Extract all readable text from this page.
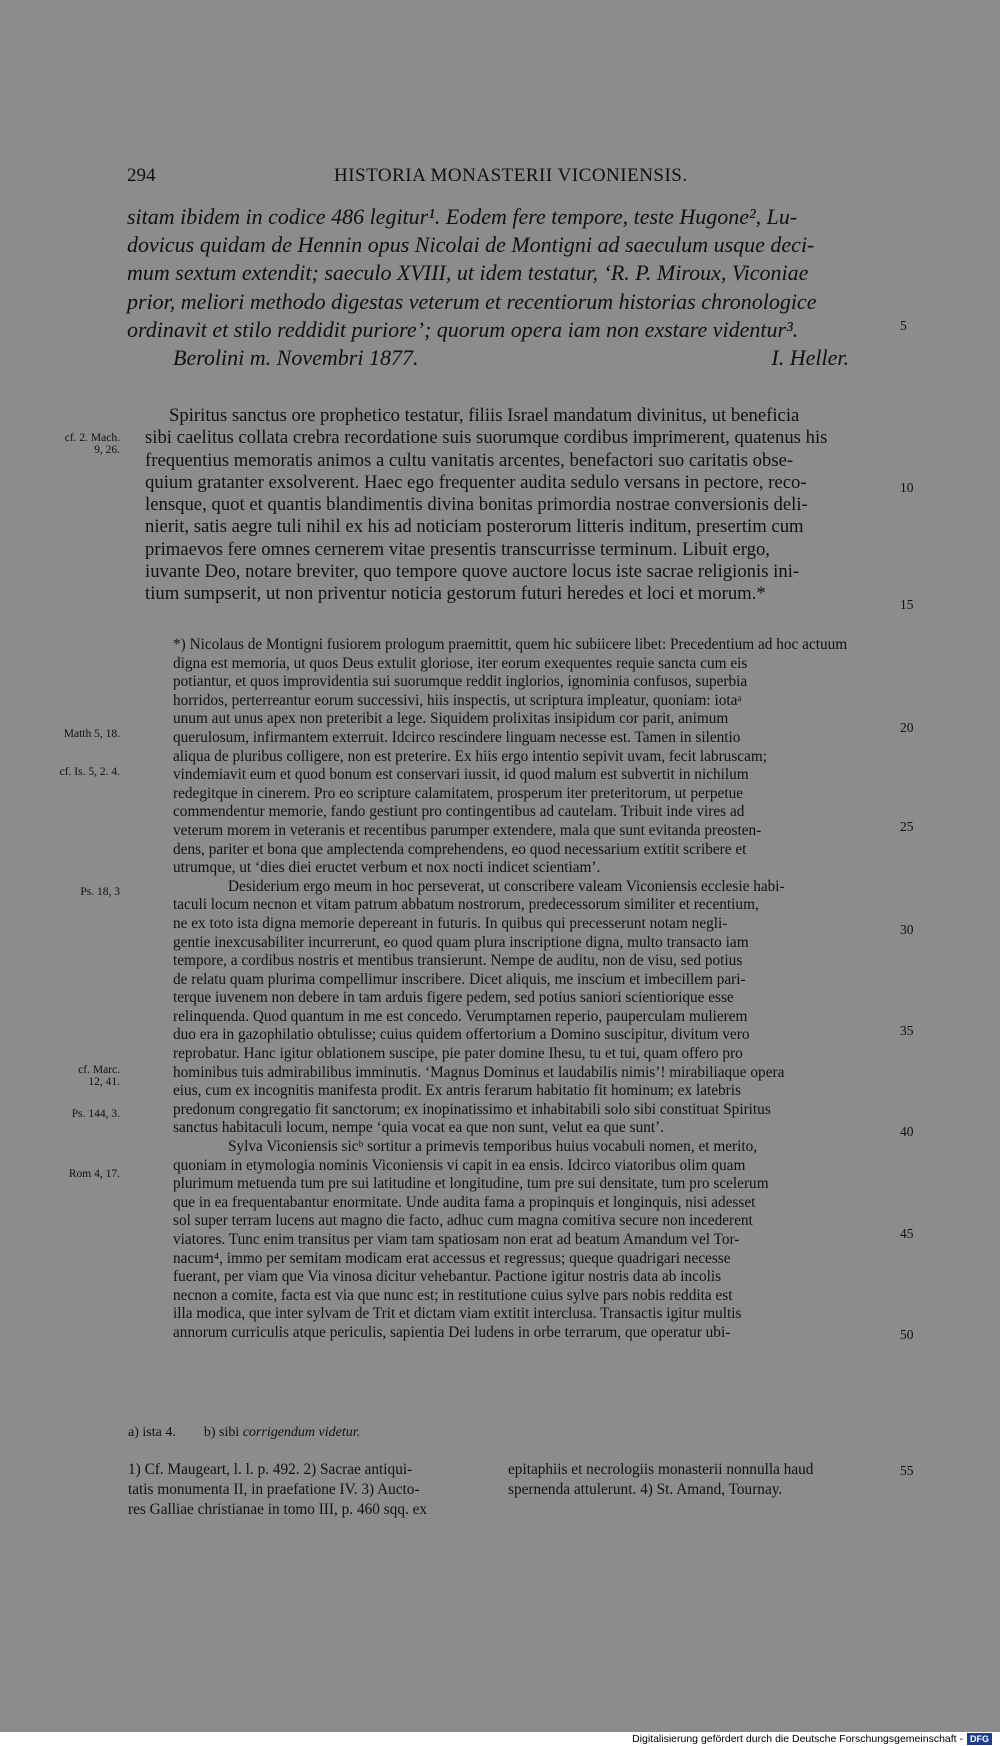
294	HISTORIA MONASTERII VICONIENSIS.
sitam ibidem in codice 486 legitur¹. Eodem fere tempore, teste Hugone², Lu-
dovicus quidam de Hennin opus Nicolai de Montigni ad saeculum usque deci-
mum sextum extendit; saeculo XVIII, ut idem testatur, ‘R. P. Miroux, Viconiae
prior, meliori methodo digestas veterum et recentiorum historias chronologice
ordinavit et stilo reddidit puriore’; quorum opera iam non exstare videntur³.
Berolini m. Novembri 1877.	I. Heller.
Spiritus sanctus ore prophetico testatur, filiis Israel mandatum divinitus, ut beneficia
sibi caelitus collata crebra recordatione suis suorumque cordibus imprimerent, quatenus his
frequentius memoratis animos a cultu vanitatis arcentes, benefactori suo caritatis obse-
quium gratanter exsolverent. Haec ego frequenter audita sedulo versans in pectore, reco-
lensque, quot et quantis blandimentis divina bonitas primordia nostrae conversionis deli-
nierit, satis aegre tuli nihil ex his ad noticiam posterorum litteris inditum, presertim cum
primaevos fere omnes cernerem vitae presentis transcurrisse terminum. Libuit ergo,
iuvante Deo, notare breviter, quo tempore quove auctore locus iste sacrae religionis ini-
tium sumpserit, ut non priventur noticia gestorum futuri heredes et loci et morum.*
*) Nicolaus de Montigni fusiorem prologum praemittit, quem hic subiicere libet: Precedentium ad hoc actuum
digna est memoria, ut quos Deus extulit gloriose, iter eorum exequentes requie sancta cum eis
potiantur, et quos improvidentia sui suorumque reddit inglorios, ignominia confusos, superbia
horridos, perterreantur eorum successivi, hiis inspectis, ut scriptura impleatur, quoniam: iotaᵃ
unum aut unus apex non preteribit a lege. Siquidem prolixitas insipidum cor parit, animum
querulosum, infirmantem exterruit. Idcirco rescindere linguam necesse est. Tamen in silentio
aliqua de pluribus colligere, non est preterire. Ex hiis ergo intentio sepivit uvam, fecit labruscam;
vindemiavit eum et quod bonum est conservari iussit, id quod malum est subvertit in nichilum
redegitque in cinerem. Pro eo scripture calamitatem, prosperum iter preteritorum, ut perpetue
commendentur memorie, fando gestiunt pro contingentibus ad cautelam. Tribuit inde vires ad
veterum morem in veteranis et recentibus parumper extendere, mala que sunt evitanda preosten-
dens, pariter et bona que amplectenda comprehendens, eo quod necessarium extitit scribere et
utrumque, ut ‘dies diei eructet verbum et nox nocti indicet scientiam’.
Desiderium ergo meum in hoc perseverat, ut conscribere valeam Viconiensis ecclesie habi-
taculi locum necnon et vitam patrum abbatum nostrorum, predecessorum similiter et recentium,
ne ex toto ista digna memorie depereant in futuris. In quibus qui precesserunt notam negli-
gentie inexcusabiliter incurrerunt, eo quod quam plura inscriptione digna, multo transacto iam
tempore, a cordibus nostris et mentibus transierunt. Nempe de auditu, non de visu, sed potius
de relatu quam plurima compellimur inscribere. Dicet aliquis, me inscium et imbecillem pari-
terque iuvenem non debere in tam arduis figere pedem, sed potius saniori scientiorique esse
relinquenda. Quod quantum in me est concedo. Verumptamen reperio, pauperculam mulierem
duo era in gazophilatio obtulisse; cuius quidem offertorium a Domino suscipitur, divitum vero
reprobatur. Hanc igitur oblationem suscipe, pie pater domine Ihesu, tu et tui, quam offero pro
hominibus tuis admirabilibus imminutis. ‘Magnus Dominus et laudabilis nimis’! mirabiliaque opera
eius, cum ex incognitis manifesta prodit. Ex antris ferarum habitatio fit hominum; ex latebris
predonum congregatio fit sanctorum; ex inopinatissimo et inhabitabili solo sibi constituat Spiritus
sanctus habitaculi locum, nempe ‘quia vocat ea que non sunt, velut ea que sunt’.
Sylva Viconiensis sicᵇ sortitur a primevis temporibus huius vocabuli nomen, et merito,
quoniam in etymologia nominis Viconiensis vi capit in ea ensis. Idcirco viatoribus olim quam
plurimum metuenda tum pre sui latitudine et longitudine, tum pre sui densitate, tum pro scelerum
que in ea frequentabantur enormitate. Unde audita fama a propinquis et longinquis, nisi adesset
sol super terram lucens aut magno die facto, adhuc cum magna comitiva secure non incederent
viatores. Tunc enim transitus per viam tam spatiosam non erat ad beatum Amandum vel Tor-
nacum⁴, immo per semitam modicam erat accessus et regressus; queque quadrigari necesse
fuerant, per viam que Via vinosa dicitur vehebantur. Pactione igitur nostris data ab incolis
necnon a comite, facta est via que nunc est; in restitutione cuius sylve pars nobis reddita est
illa modica, que inter sylvam de Trit et dictam viam extitit interclusa. Transactis igitur multis
annorum curriculis atque periculis, sapientia Dei ludens in orbe terrarum, que operatur ubi-
cf. 2. Mach.
9, 26.
Matth 5, 18.
cf. Is. 5, 2. 4.
Ps. 18, 3
cf. Marc.
12, 41.
Ps. 144, 3.
Rom 4, 17.
5
10
15
20
25
30
35
40
45
50
55
a) ista 4. b) sibi corrigendum videtur.
1) Cf. Maugeart, l. l. p. 492. 2) Sacrae antiqui-
tatis monumenta II, in praefatione IV. 3) Aucto-
res Galliae christianae in tomo III, p. 460 sqq. ex
epitaphiis et necrologiis monasterii nonnulla haud
spernenda attulerunt. 4) St. Amand, Tournay.
Digitalisierung gefördert durch die Deutsche Forschungsgemeinschaft - DFG
